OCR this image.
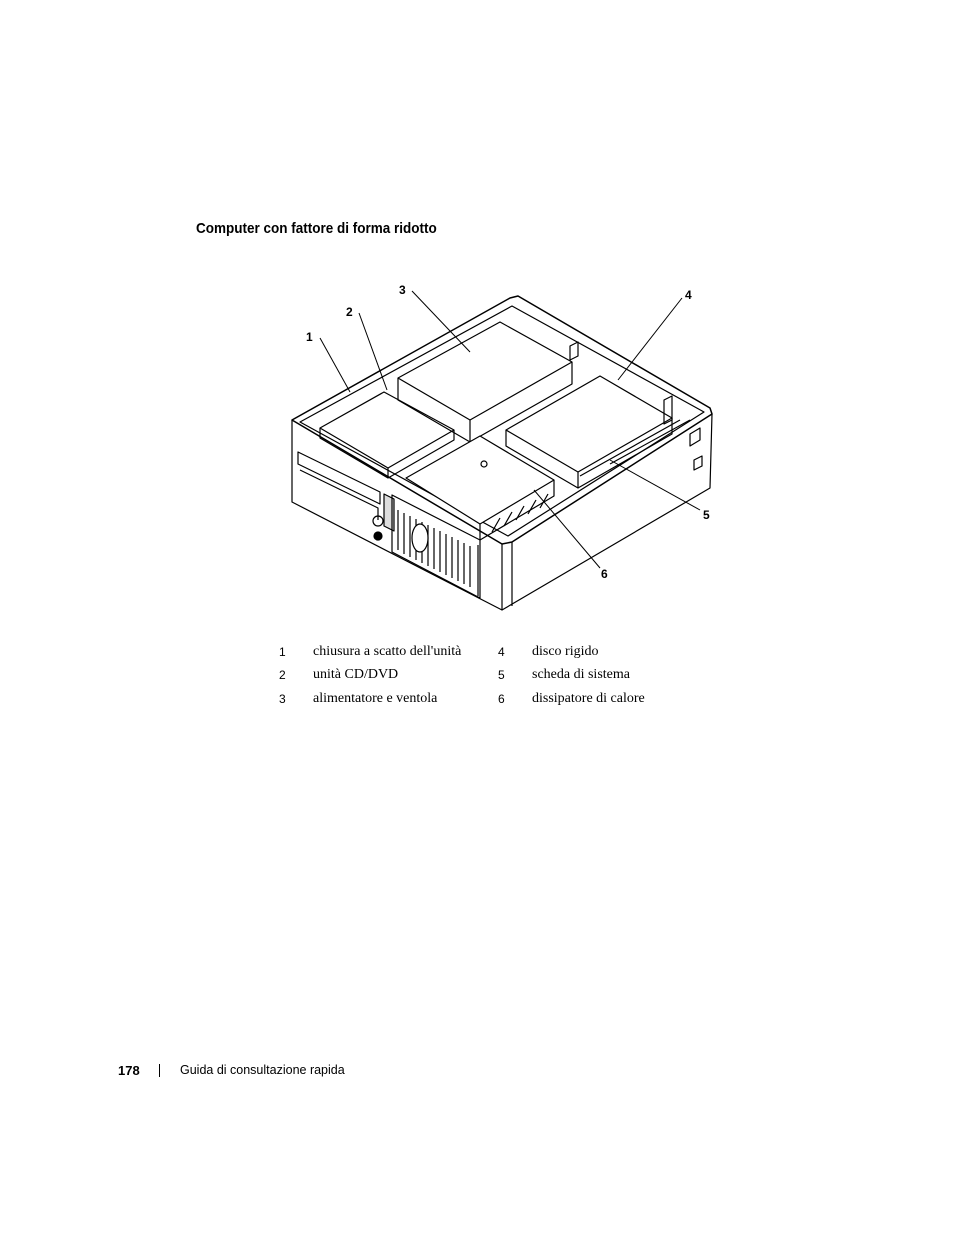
Computer con fattore di forma ridotto
1
2
3	4
5
6
1	chiusura a scatto dell'unità	4	disco rigido
2	unità CD/DVD	5	scheda di sistema
3	alimentatore e ventola	6	dissipatore di calore
178	Guida di consultazione rapida
